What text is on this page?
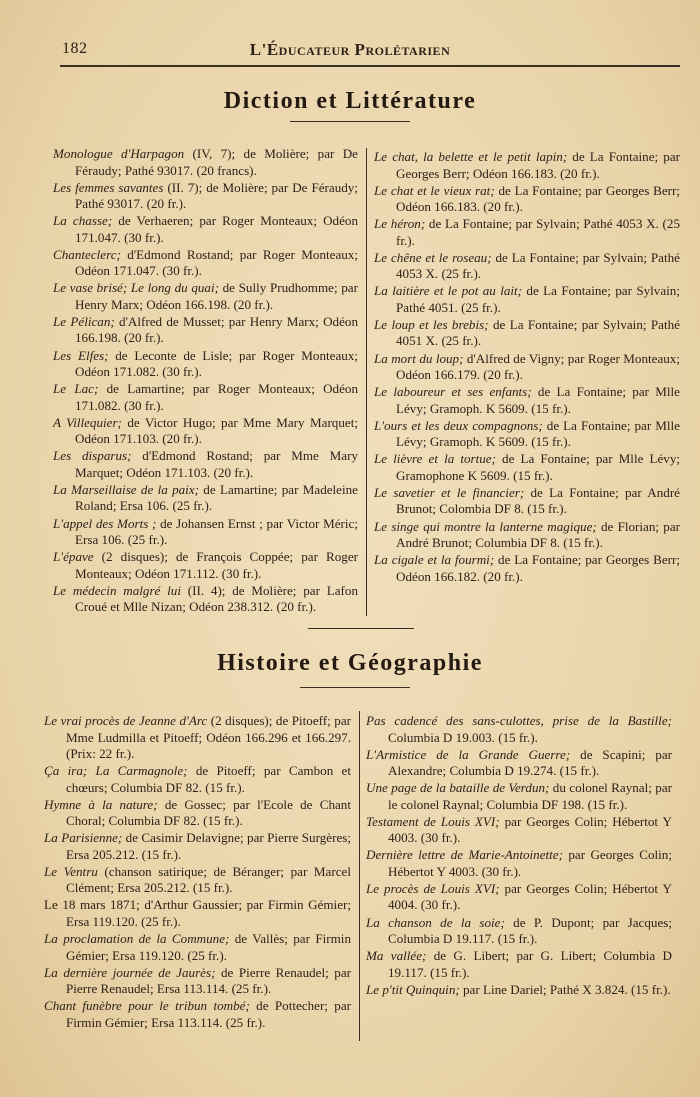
182	L'Éducateur Prolétarien
Diction et Littérature
Monologue d'Harpagon (IV, 7); de Molière; par De Féraudy; Pathé 93017. (20 francs).
Les femmes savantes (II. 7); de Molière; par De Féraudy; Pathé 93017. (20 fr.).
La chasse; de Verhaeren; par Roger Monteaux; Odéon 171.047. (30 fr.).
Chanteclerc; d'Edmond Rostand; par Roger Monteaux; Odéon 171.047. (30 fr.).
Le vase brisé; Le long du quai; de Sully Prudhomme; par Henry Marx; Odéon 166.198. (20 fr.).
Le Pélican; d'Alfred de Musset; par Henry Marx; Odéon 166.198. (20 fr.).
Les Elfes; de Leconte de Lisle; par Roger Monteaux; Odéon 171.082. (30 fr.).
Le Lac; de Lamartine; par Roger Monteaux; Odéon 171.082. (30 fr.).
A Villequier; de Victor Hugo; par Mme Mary Marquet; Odéon 171.103. (20 fr.).
Les disparus; d'Edmond Rostand; par Mme Mary Marquet; Odéon 171.103. (20 fr.).
La Marseillaise de la paix; de Lamartine; par Madeleine Roland; Ersa 106. (25 fr.).
L'appel des Morts ; de Johansen Ernst ; par Victor Méric; Ersa 106. (25 fr.).
L'épave (2 disques); de François Coppée; par Roger Monteaux; Odéon 171.112. (30 fr.).
Le médecin malgré lui (II. 4); de Molière; par Lafon Croué et Mlle Nizan; Odéon 238.312. (20 fr.).
Le chat, la belette et le petit lapin; de La Fontaine; par Georges Berr; Odéon 166.183. (20 fr.).
Le chat et le vieux rat; de La Fontaine; par Georges Berr; Odéon 166.183. (20 fr.).
Le héron; de La Fontaine; par Sylvain; Pathé 4053 X. (25 fr.).
Le chêne et le roseau; de La Fontaine; par Sylvain; Pathé 4053 X. (25 fr.).
La laitière et le pot au lait; de La Fontaine; par Sylvain; Pathé 4051. (25 fr.).
Le loup et les brebis; de La Fontaine; par Sylvain; Pathé 4051 X. (25 fr.).
La mort du loup; d'Alfred de Vigny; par Roger Monteaux; Odéon 166.179. (20 fr.).
Le laboureur et ses enfants; de La Fontaine; par Mlle Lévy; Gramoph. K 5609. (15 fr.).
L'ours et les deux compagnons; de La Fontaine; par Mlle Lévy; Gramoph. K 5609. (15 fr.).
Le lièvre et la tortue; de La Fontaine; par Mlle Lévy; Gramophone K 5609. (15 fr.).
Le savetier et le financier; de La Fontaine; par André Brunot; Colombia DF 8. (15 fr.).
Le singe qui montre la lanterne magique; de Florian; par André Brunot; Columbia DF 8. (15 fr.).
La cigale et la fourmi; de La Fontaine; par Georges Berr; Odéon 166.182. (20 fr.).
Histoire et Géographie
Le vrai procès de Jeanne d'Arc (2 disques); de Pitoeff; par Mme Ludmilla et Pitoeff; Odéon 166.296 et 166.297. (Prix: 22 fr.).
Ça ira; La Carmagnole; de Pitoeff; par Cambon et chœurs; Columbia DF 82. (15 fr.).
Hymne à la nature; de Gossec; par l'Ecole de Chant Choral; Columbia DF 82. (15 fr.).
La Parisienne; de Casimir Delavigne; par Pierre Surgères; Ersa 205.212. (15 fr.).
Le Ventru (chanson satirique; de Béranger; par Marcel Clément; Ersa 205.212. (15 fr.).
Le 18 mars 1871; d'Arthur Gaussier; par Firmin Gémier; Ersa 119.120. (25 fr.).
La proclamation de la Commune; de Vallès; par Firmin Gémier; Ersa 119.120. (25 fr.).
La dernière journée de Jaurès; de Pierre Renaudel; par Pierre Renaudel; Ersa 113.114. (25 fr.).
Chant funèbre pour le tribun tombé; de Pottecher; par Firmin Gémier; Ersa 113.114. (25 fr.).
Pas cadencé des sans-culottes, prise de la Bastille; Columbia D 19.003. (15 fr.).
L'Armistice de la Grande Guerre; de Scapini; par Alexandre; Columbia D 19.274. (15 fr.).
Une page de la bataille de Verdun; du colonel Raynal; par le colonel Raynal; Columbia DF 198. (15 fr.).
Testament de Louis XVI; par Georges Colin; Hébertot Y 4003. (30 fr.).
Dernière lettre de Marie-Antoinette; par Georges Colin; Hébertot Y 4003. (30 fr.).
Le procès de Louis XVI; par Georges Colin; Hébertot Y 4004. (30 fr.).
La chanson de la soie; de P. Dupont; par Jacques; Columbia D 19.117. (15 fr.).
Ma vallée; de G. Libert; par G. Libert; Columbia D 19.117. (15 fr.).
Le p'tit Quinquin; par Line Dariel; Pathé X 3.824. (15 fr.).
